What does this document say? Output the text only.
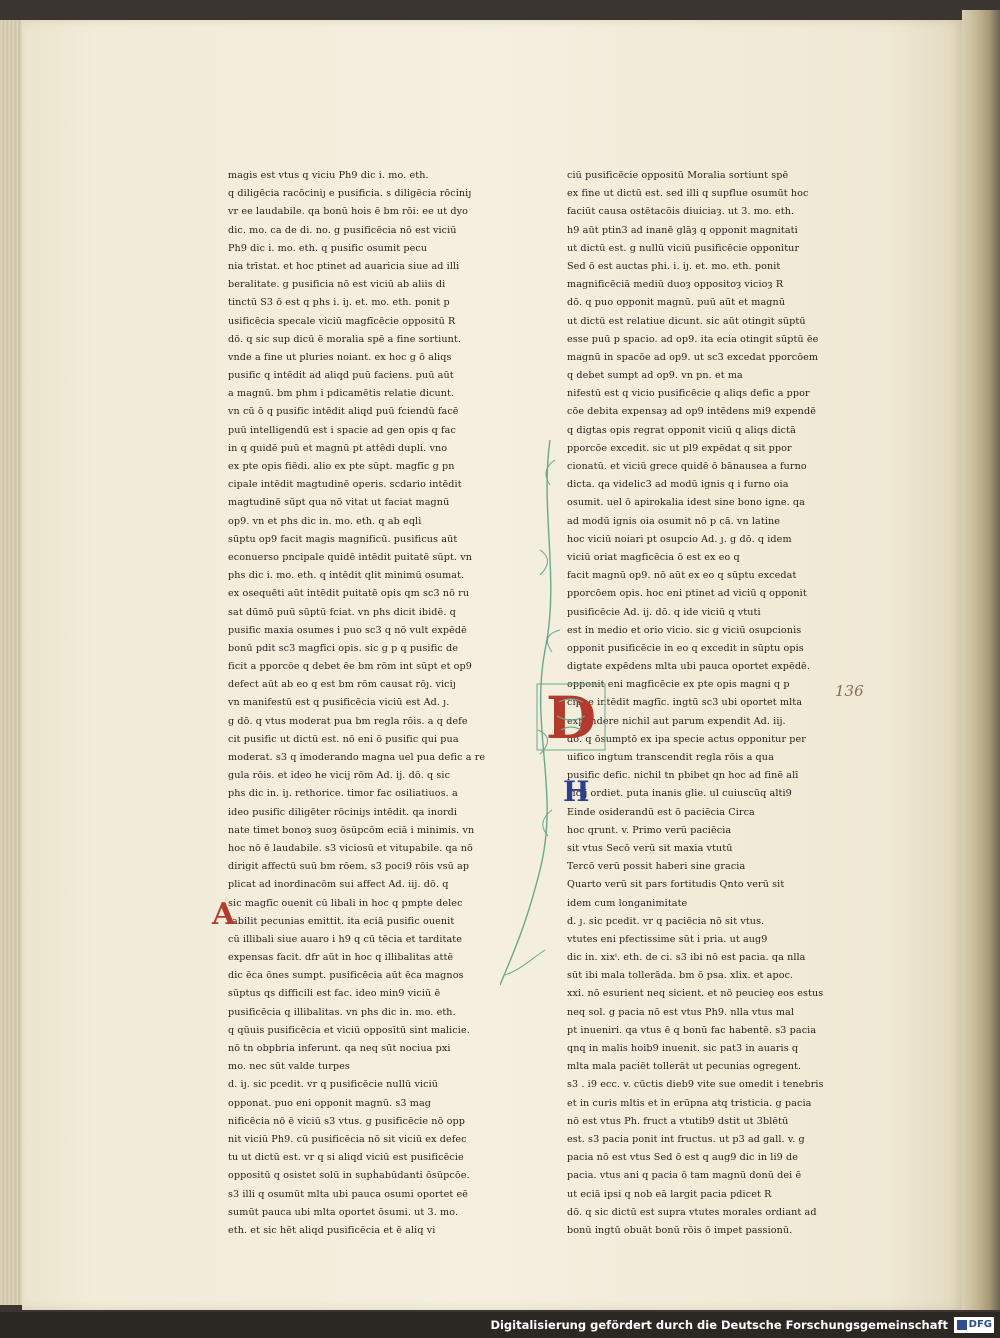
magis est vtus q viciu Ph9 dic i. mo. eth.
q diligēcia racōciniȷ e pusificia. s diligēcia rōciniȷ
vr ee laudabile. qa bonū hois ē bm rōi: ee ut dyo
dic. mo. ca de di. no. g pusificēcia nō est viciū
Ph9 dic i. mo. eth. q pusific osumit pecu
nia trīstat. et hoc ptinet ad auaricia siue ad illi
beralitate. g pusificia nō est viciū ab aliis di
tinctū S3 ō est q phs i. iȷ. et. mo. eth. ponit p
usificēcia specale viciū magfīcēcie oppositū R
dō. q sic sup dicū ē moralia spē a fine sortiunt.
vnde a fine ut pluries noiant. ex hoc g ō aliqs
pusific q intēdit ad aliqd puū faciens. puū aūt
a magnū. bm phm i pdicamētis relatie dicunt.
vn cū ō q pusific intēdit aliqd puū fciendū facē
puū intelligendū est i spacie ad gen opis q fac
in q quidē puū et magnū pt attēdi dupli. vno
ex pte opis fiēdi. alio ex pte sūpt. magfīc g pn
cipale intēdit magtudinē operis. scdario intēdit
magtudinē sūpt qua nō vitat ut faciat magnū
op9. vn et phs dic in. mo. eth. q ab eqli
sūptu op9 facit magis magnificū. pusificus aūt
econuerso pncipale quidē intēdit puitatē sūpt. vn
phs dic i. mo. eth. q intēdit qlit minimū osumat.
ex osequēti aūt intēdit puitatē opis qm sc3 nō ru
sat dūmō puū sūptū fciat. vn phs dicit ibidē. q
pusific maxia osumes i puo sc3 q nō vult expēdē
bonū pdit sc3 magfīci opis. sic g p q pusific de
ficit a pporcōe q debet ēe bm rōm int sūpt et op9
defect aūt ab eo q est bm rōm causat rōȷ. viciȷ
vn manifestū est q pusificēcia viciū est Ad. ȷ.
g dō. q vtus moderat pua bm regla rōis. a q defe
cit pusific ut dictū est. nō eni ō pusific qui pua
moderat. s3 q imoderando magna uel pua defic a re
gula rōis. et ideo he vicij rōm Ad. ij. dō. q sic
phs dic in. iȷ. rethorice. timor fac osiliatiuos. a
ideo pusific diligēter rōciniȷs intēdit. qa inordi
nate timet bonoȝ suoȝ ōsūpcōm eciā i minimis. vn
hoc nō ē laudabile. s3 viciosū et vitupabile. qa nō
dirigit affectū suū bm rōem. s3 poci9 rōis vsū ap
plicat ad inordinacōm sui affect Ad. iij. dō. q
sic magfīc ouenit cū libali in hoc q pmpte delec
tabilit pecunias emittit. ita eciā pusific ouenit
cū illibali siue auaro i h9 q cū tēcia et tarditate
expensas facit. dfr aūt in hoc q illibalitas attē
dic ēca ōnes sumpt. pusificēcia aūt ēca magnos
sūptus qs difficili est fac. ideo min9 viciū ē
pusificēcia q illibalitas. vn phs dic in. mo. eth.
q qūuis pusificēcia et viciū opposītū sint malicie.
nō tn obpbria inferunt. qa neq sūt nociua pxi
mo. nec sūt valde turpes
d. iȷ. sic pcedit. vr q pusificēcie nullū viciū
opponat. puo eni opponit magnū. s3 mag
nificēcia nō ē viciū s3 vtus. g pusificēcie nō opp
nit viciū Ph9. cū pusificēcia nō sit viciū ex defec
tu ut dictū est. vr q si aliqd viciū est pusificēcie
oppositū q osistet solū in supḣabūdanti ōsūpcōe.
s3 illi q osumūt mlta ubi pauca osumi oportet eē
sumūt pauca ubi mlta oportet ōsumi. ut 3. mo.
eth. et sic hēt aliqd pusificēcia et ē aliq vi
ciū pusificēcie oppositū Moralia sortiunt spē
ex fine ut dictū est. sed illi q supflue osumūt hoc
faciūt causa ostētacōis diuiciaȝ. ut 3. mo. eth.
h9 aūt ptin3 ad inanē glāȝ q opponit magnitati
ut dictū est. g nullū viciū pusificēcie opponitur
Sed ō est auctas phi. i. iȷ. et. mo. eth. ponit
magnificēciā mediū duoȝ oppositoȝ vicioȝ R
dō. q puo opponit magnū. puū aūt et magnū
ut dictū est relatiue dicunt. sic aūt otingit sūptū
esse puū p spacio. ad op9. ita ecia otingit sūptū ēe
magnū in spacōe ad op9. ut sc3 excedat pporcōem
q debet sumpt ad op9. vn pn. et ma
nifestū est q vicio pusificēcie q aliqs defic a ppor
cōe debita expensaȝ ad op9 intēdens mi9 expendē
q digtas opis regrat opponit viciū q aliqs dictā
pporcōe excedit. sic ut pl9 expēdat q sit ppor
cionatū. et viciū grece quidē ō bānausea a furno
dicta. qa videlic3 ad modū ignis q i furno oia
osumit. uel ō apirokalia idest sine bono igne. qa
ad modū ignis oia osumit nō p cā. vn latine
hoc viciū noiari pt osupcio Ad. ȷ. g dō. q idem
viciū oriat magficēcia ō est ex eo q
facit magnū op9. nō aūt ex eo q sūptu excedat
pporcōem opis. hoc eni ptinet ad viciū q opponit
pusificēcie Ad. ij. dō. q ide viciū q vtuti
est in medio et orio vicio. sic g viciū osupcionis
opponit pusificēcie in eo q excedit in sūptu opis
digtate expēdens mlta ubi pauca oportet expēdē.
opponit eni magficēcie ex pte opis magni q p
cipue intēdit magfīc. ingtū sc3 ubi oportet mlta
expendere nichil aut parum expendit Ad. iij.
dō. q ōsumptō ex ipa specie actus opponitur per
uifico ingtum transcendit regla rōis a qua
pusific defic. nichil tn pbibet qn hoc ad finē alī
vicij ordiet. puta inanis glie. ul cuiuscūq alti9
Einde osiderandū est ō paciēcia Circa
hoc qrunt. v. Primo verū paciēcia
sit vtus Secō verū sit maxia vtutū
Tercō verū possit haberi sine gracia
Quarto verū sit pars fortitudis Qnto verū sit
idem cum longanimitate
d. ȷ. sic pcedit. vr q paciēcia nō sit vtus.
vtutes eni pfectissime sūt i pria. ut aug9
dic in. xixⁱ. eth. de ci. s3 ibi nō est pacia. qa nlla
sūt ibi mala tollerāda. bm ō psa. xlix. et apoc.
xxi. nō esurient neq sicient. et nō peucieǫ eos estus
neq sol. g pacia nō est vtus Ph9. nlla vtus mal
pt inueniri. qa vtus ē q bonū fac habentē. s3 pacia
qnq in malis hoib9 inuenit. sic pat3 in auaris q
mlta mala paciēt tollerāt ut pecunias ogregent.
s3 . i9 ecc. v. cūctis dieb9 vite sue omedit i tenebris
et in curis mltis et in erūpna atq tristicia. g pacia
nō est vtus Ph. fruct a vtutib9 dstit ut 3blētū
est. s3 pacia ponit int fructus. ut p3 ad gall. v. g
pacia nō est vtus Sed ō est q aug9 dic in li9 de
pacia. vtus ani q pacia ō tam magnū donū dei ē
ut eciā ipsi q nob eā largit pacia pdicet R
dō. q sic dictū est supra vtutes morales ordiant ad
bonū ingtū obuāt bonū rōis ō impet passionū.
A
H
D	136
Digitalisierung gefördert durch die Deutsche Forschungsgemeinschaft	DFG
